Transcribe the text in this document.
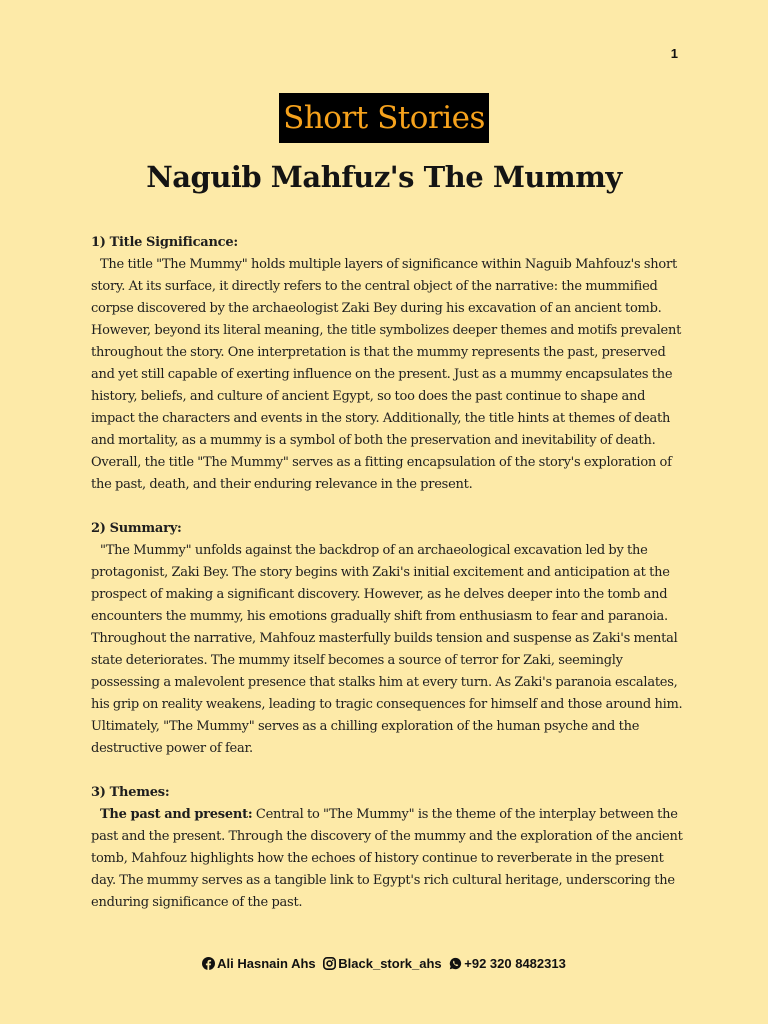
1
Short Stories
Naguib Mahfuz's The Mummy

1) Title Significance:

The title "The Mummy" holds multiple layers of significance within Naguib Mahfouz's short story. At its surface, it directly refers to the central object of the narrative: the mummified corpse discovered by the archaeologist Zaki Bey during his excavation of an ancient tomb. However, beyond its literal meaning, the title symbolizes deeper themes and motifs prevalent throughout the story. One interpretation is that the mummy represents the past, preserved and yet still capable of exerting influence on the present. Just as a mummy encapsulates the history, beliefs, and culture of ancient Egypt, so too does the past continue to shape and impact the characters and events in the story. Additionally, the title hints at themes of death and mortality, as a mummy is a symbol of both the preservation and inevitability of death. Overall, the title "The Mummy" serves as a fitting encapsulation of the story's exploration of the past, death, and their enduring relevance in the present.

2) Summary:

"The Mummy" unfolds against the backdrop of an archaeological excavation led by the protagonist, Zaki Bey. The story begins with Zaki's initial excitement and anticipation at the prospect of making a significant discovery. However, as he delves deeper into the tomb and encounters the mummy, his emotions gradually shift from enthusiasm to fear and paranoia. Throughout the narrative, Mahfouz masterfully builds tension and suspense as Zaki's mental state deteriorates. The mummy itself becomes a source of terror for Zaki, seemingly possessing a malevolent presence that stalks him at every turn. As Zaki's paranoia escalates, his grip on reality weakens, leading to tragic consequences for himself and those around him. Ultimately, "The Mummy" serves as a chilling exploration of the human psyche and the destructive power of fear.

3) Themes:

The past and present: Central to "The Mummy" is the theme of the interplay between the past and the present. Through the discovery of the mummy and the exploration of the ancient tomb, Mahfouz highlights how the echoes of history continue to reverberate in the present day. The mummy serves as a tangible link to Egypt's rich cultural heritage, underscoring the enduring significance of the past.

Ali Hasnain Ahs
Black_stork_ahs
+92 320 8482313
